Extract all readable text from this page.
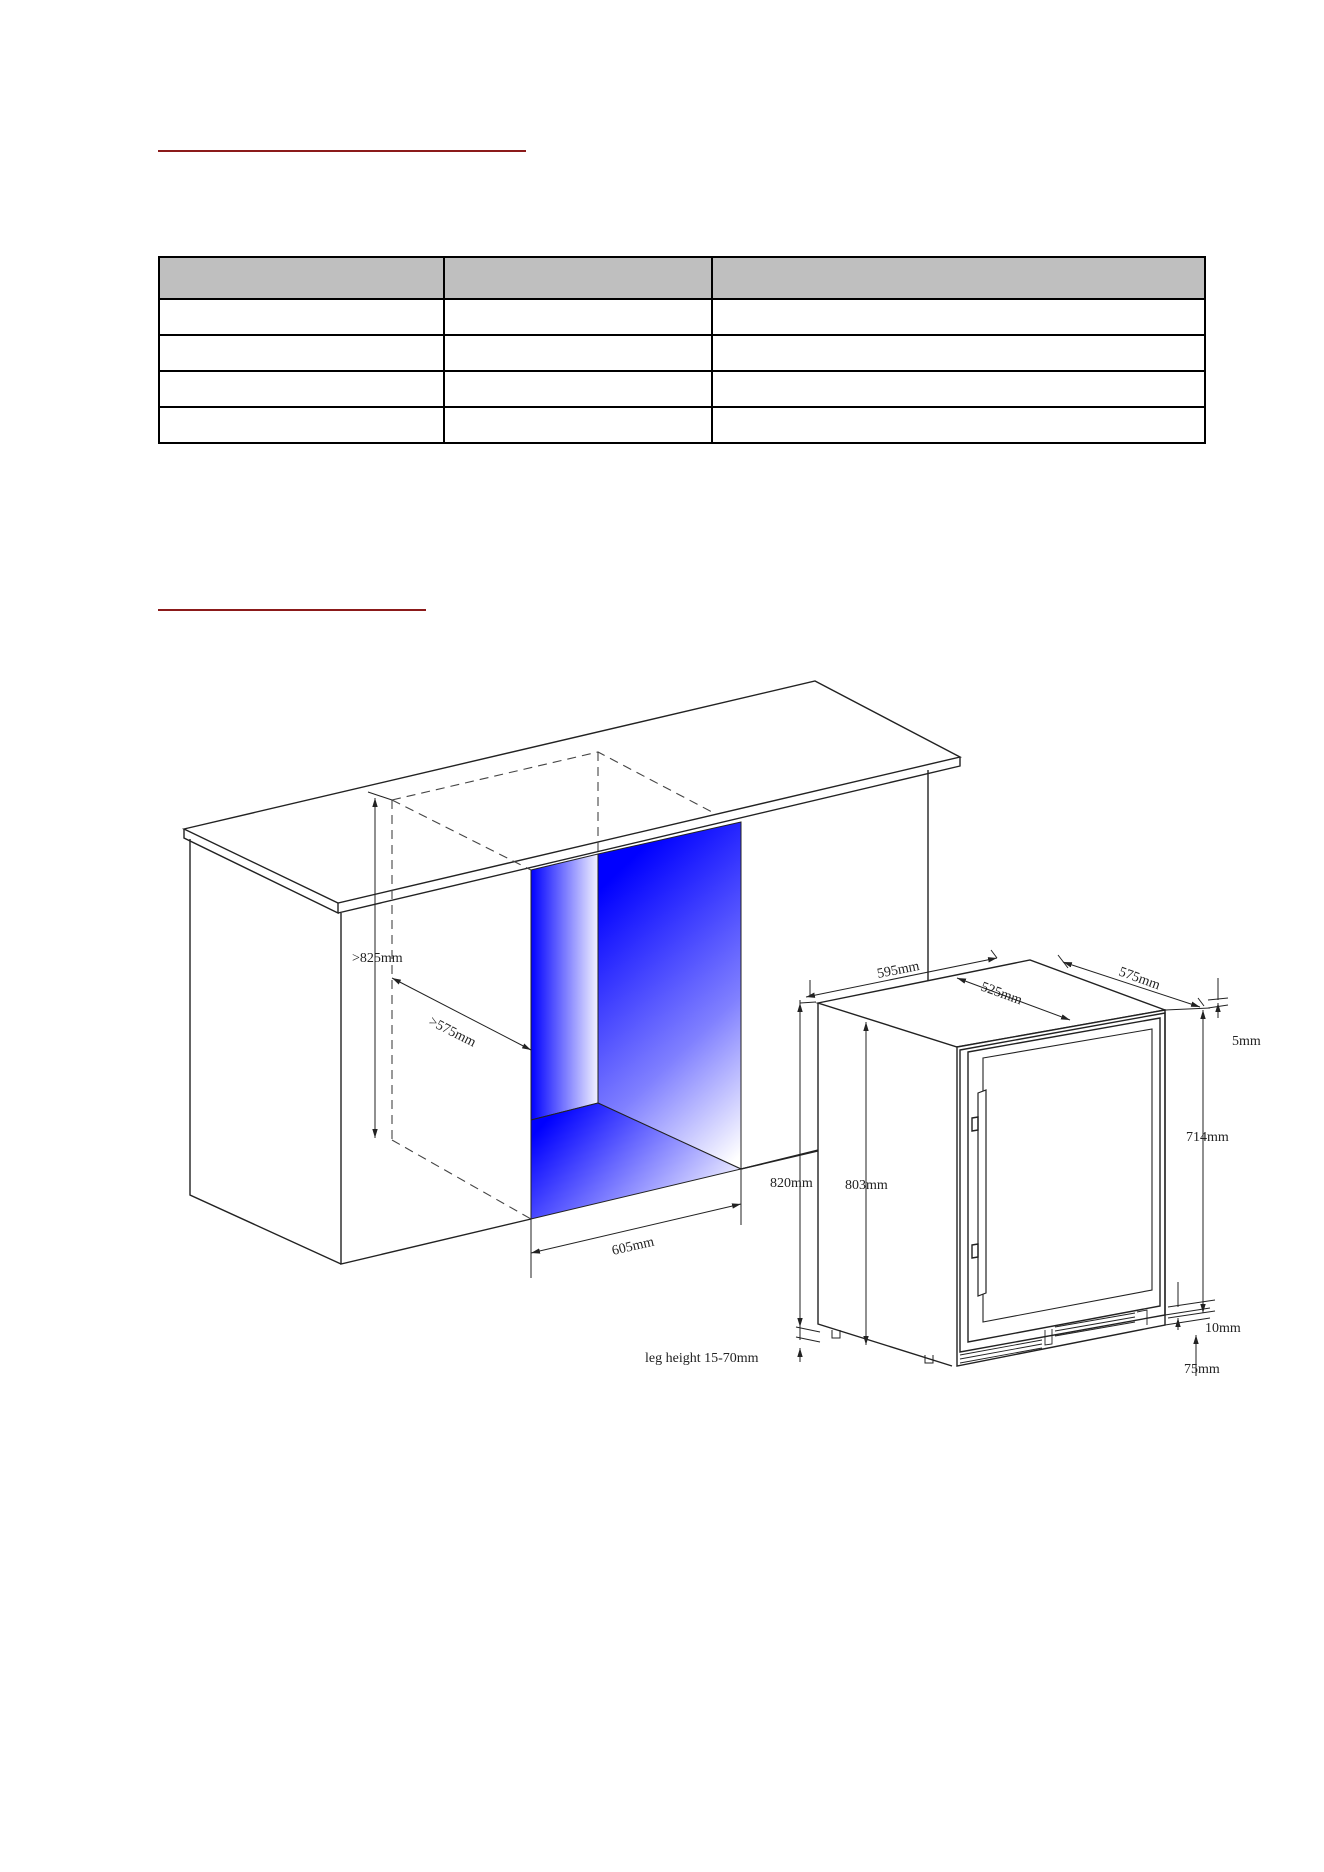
>825mm
>575mm
605mm
595mm	575mm
525mm
5mm
714mm
820mm 803mm
10mm
75mm
leg height 15-70mm
